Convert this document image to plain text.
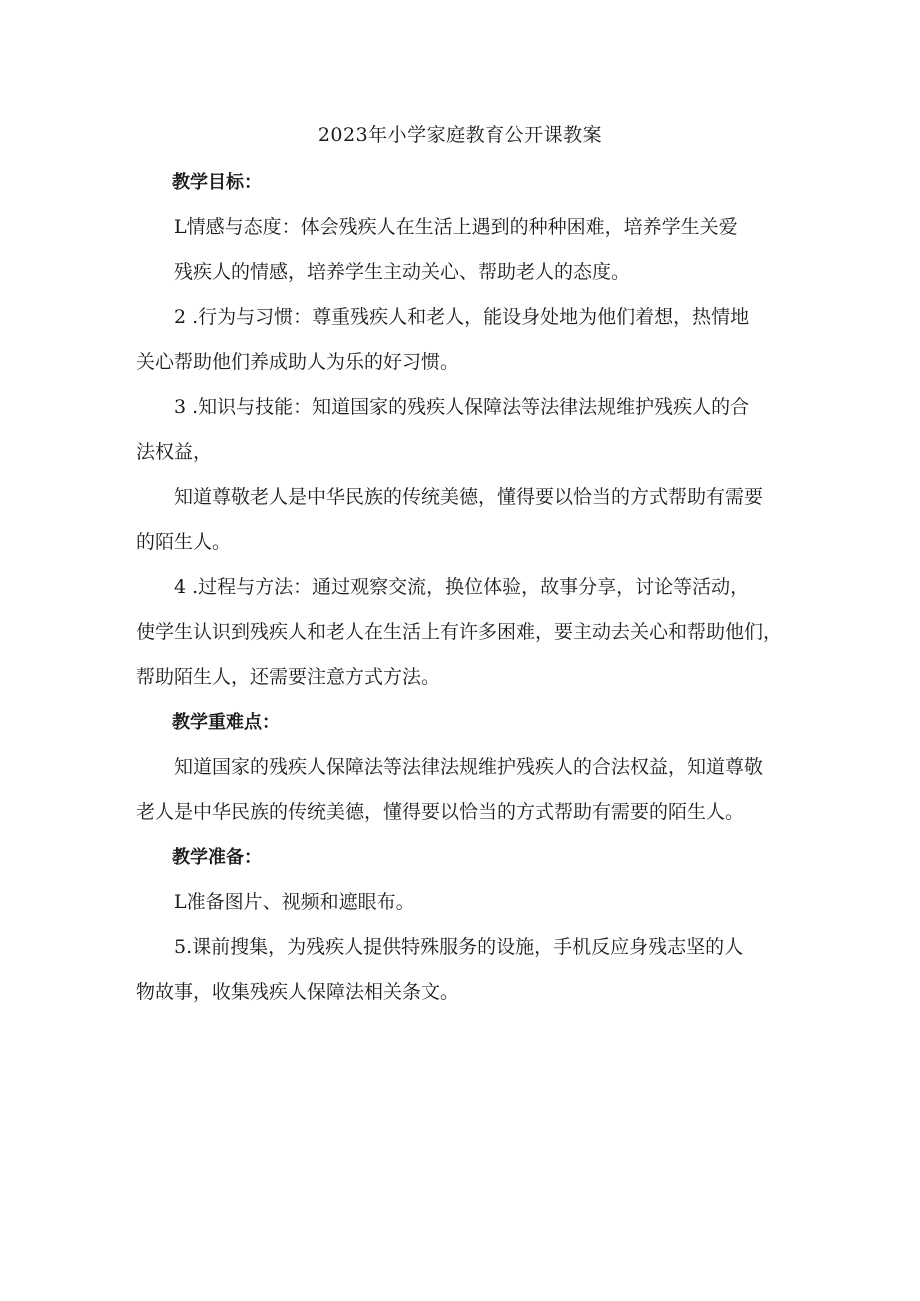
2023年小学家庭教育公开课教案

教学目标：

L情感与态度：体会残疾人在生活上遇到的种种困难，培养学生关爱
残疾人的情感，培养学生主动关心、帮助老人的态度。
2 .行为与习惯：尊重残疾人和老人，能设身处地为他们着想，热情地
关心帮助他们养成助人为乐的好习惯。
3 .知识与技能：知道国家的残疾人保障法等法律法规维护残疾人的合
法权益，
知道尊敬老人是中华民族的传统美德，懂得要以恰当的方式帮助有需要
的陌生人。
4 .过程与方法：通过观察交流，换位体验，故事分享，讨论等活动，
使学生认识到残疾人和老人在生活上有许多困难，要主动去关心和帮助他们，
帮助陌生人，还需要注意方式方法。

教学重难点：

知道国家的残疾人保障法等法律法规维护残疾人的合法权益，知道尊敬
老人是中华民族的传统美德，懂得要以恰当的方式帮助有需要的陌生人。

教学准备：

L准备图片、视频和遮眼布。
5.课前搜集，为残疾人提供特殊服务的设施，手机反应身残志坚的人
物故事，收集残疾人保障法相关条文。
